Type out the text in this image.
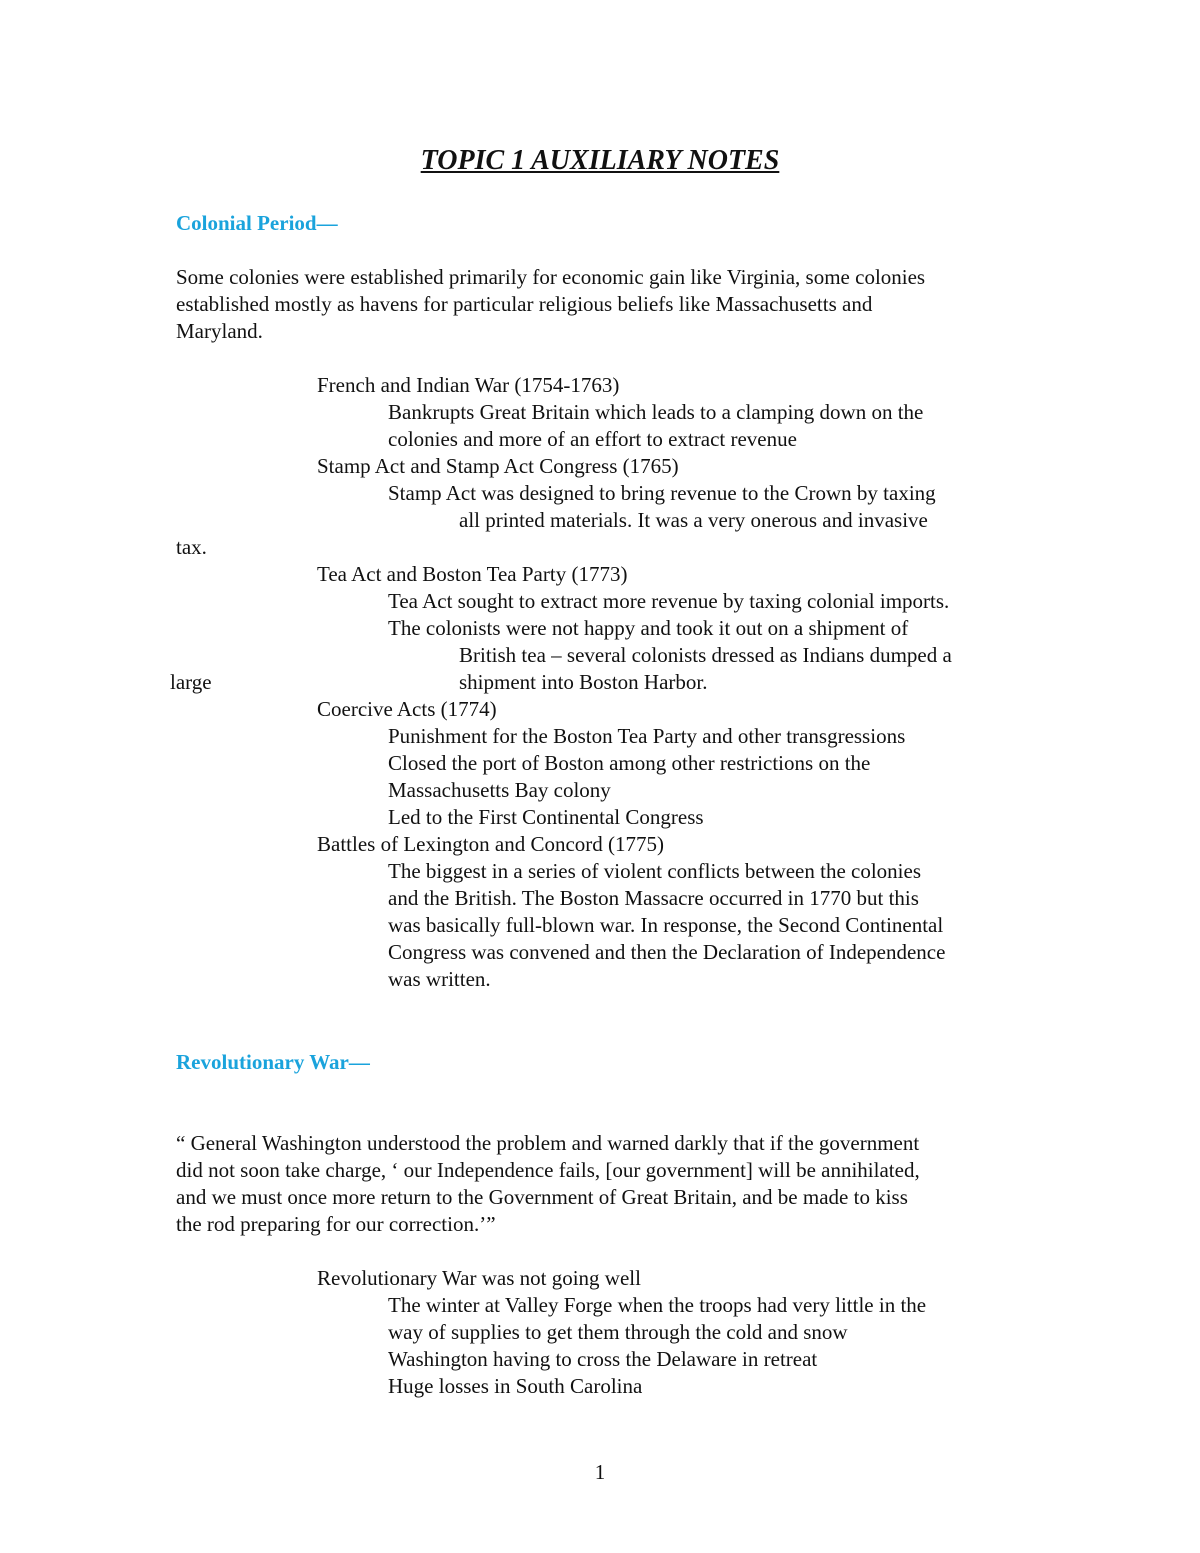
TOPIC 1 AUXILIARY NOTES
Colonial Period—
Some colonies were established primarily for economic gain like Virginia, some colonies
established mostly as havens for particular religious beliefs like Massachusetts and
Maryland.
French and Indian War (1754-1763)
Bankrupts Great Britain which leads to a clamping down on the
colonies and more of an effort to extract revenue
Stamp Act and Stamp Act Congress (1765)
Stamp Act was designed to bring revenue to the Crown by taxing
all printed materials. It was a very onerous and invasive
tax.
Tea Act and Boston Tea Party (1773)
Tea Act sought to extract more revenue by taxing colonial imports.
The colonists were not happy and took it out on a shipment of
British tea – several colonists dressed as Indians dumped a
large	shipment into Boston Harbor.
Coercive Acts (1774)
Punishment for the Boston Tea Party and other transgressions
Closed the port of Boston among other restrictions on the
Massachusetts Bay colony
Led to the First Continental Congress
Battles of Lexington and Concord (1775)
The biggest in a series of violent conflicts between the colonies
and the British. The Boston Massacre occurred in 1770 but this
was basically full-blown war. In response, the Second Continental
Congress was convened and then the Declaration of Independence
was written.
Revolutionary War—
“ General Washington understood the problem and warned darkly that if the government
did not soon take charge, ‘ our Independence fails, [our government] will be annihilated,
and we must once more return to the Government of Great Britain, and be made to kiss
the rod preparing for our correction.’”
Revolutionary War was not going well
The winter at Valley Forge when the troops had very little in the
way of supplies to get them through the cold and snow
Washington having to cross the Delaware in retreat
Huge losses in South Carolina
1
